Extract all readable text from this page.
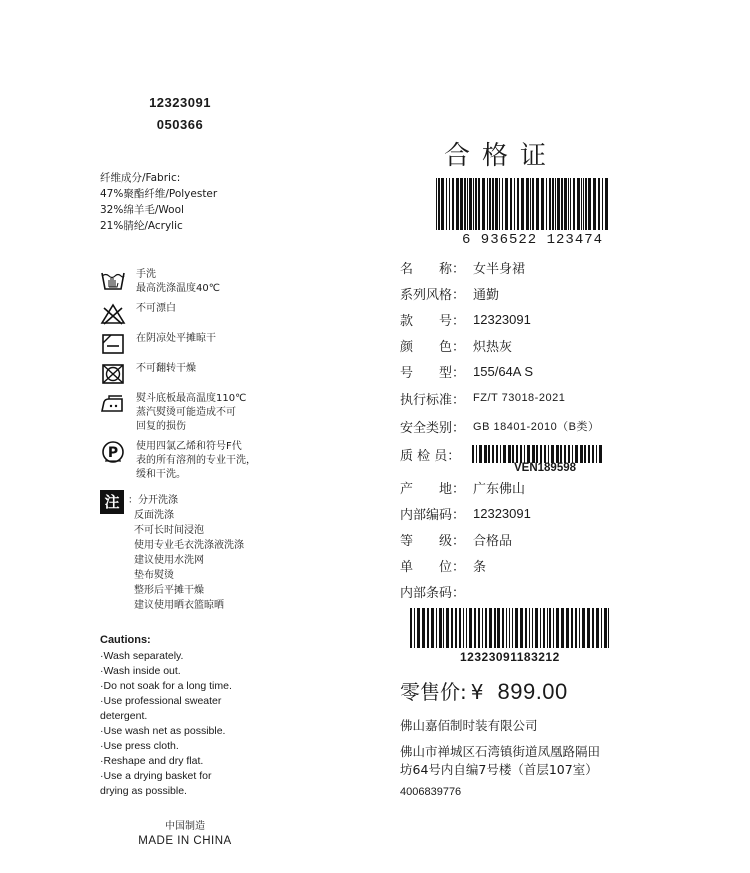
12323091
050366
纤维成分/Fabric:
47%聚酯纤维/Polyester
32%绵羊毛/Wool
21%腈纶/Acrylic
手洗
最高洗涤温度40℃
不可漂白
在阴凉处平摊晾干
不可翻转干燥
熨斗底板最高温度110℃
蒸汽熨烫可能造成不可
回复的损伤
P 使用四氯乙烯和符号F代
表的所有溶剂的专业干洗，
缓和干洗。
注 ：分开洗涤
反面洗涤
不可长时间浸泡
使用专业毛衣洗涤液洗涤
建议使用水洗网
垫布熨烫
整形后平摊干燥
建议使用晒衣篮晾晒
Cautions:
·Wash separately.
·Wash inside out.
·Do not soak for a long time.
·Use professional sweater
detergent.
·Use wash net as possible.
·Use press cloth.
·Reshape and dry flat.
·Use a drying basket for
drying as possible.
中国制造
MADE IN CHINA
合格证
6 936522 123474
名　　称： 女半身裙
系列风格： 通勤
款　　号： 12323091
颜　　色： 炽热灰
号　　型： 155/64A S
执行标准： FZ/T 73018-2021
安全类别： GB 18401-2010（B类）
质 检 员：
VEN189598
产　　地： 广东佛山
内部编码： 12323091
等　　级： 合格品
单　　位： 条
内部条码：
12323091183212
零售价: ¥ 899.00
佛山嘉佰制时装有限公司
佛山市禅城区石湾镇街道凤凰路隔田
坊64号内自编7号楼（首层107室）
4006839776
